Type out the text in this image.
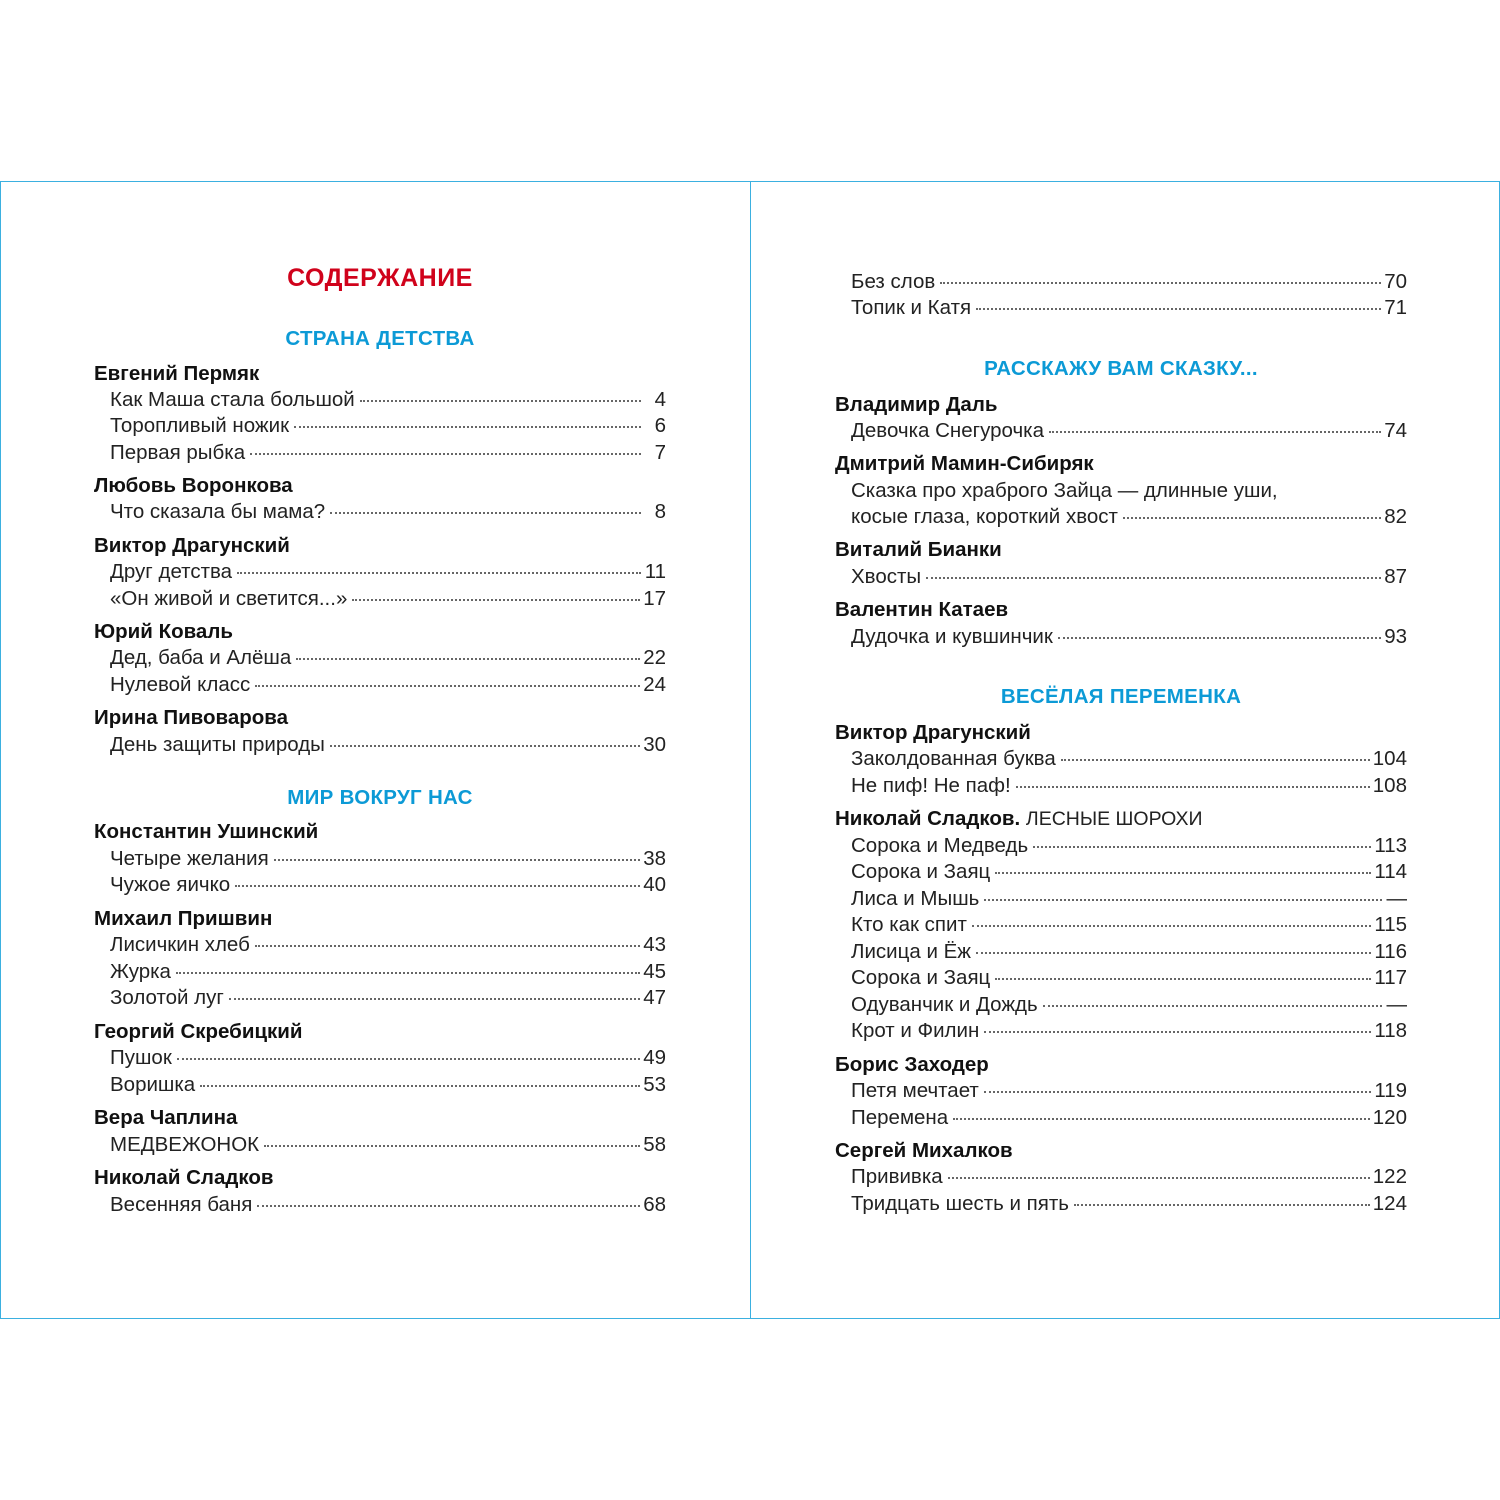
СОДЕРЖАНИЕ
СТРАНА ДЕТСТВА
Евгений Пермяк
Как Маша стала большой	4
Торопливый ножик	6
Первая рыбка	7
Любовь Воронкова
Что сказала бы мама?	8
Виктор Драгунский
Друг детства	11
«Он живой и светится...»	17
Юрий Коваль
Дед, баба и Алёша	22
Нулевой класс	24
Ирина Пивоварова
День защиты природы	30
МИР ВОКРУГ НАС
Константин Ушинский
Четыре желания	38
Чужое яичко	40
Михаил Пришвин
Лисичкин хлеб	43
Журка	45
Золотой луг	47
Георгий Скребицкий
Пушок	49
Воришка	53
Вера Чаплина
МЕДВЕЖОНОК	58
Николай Сладков
Весенняя баня	68
Без слов	70
Топик и Катя	71
РАССКАЖУ ВАМ СКАЗКУ...
Владимир Даль
Девочка Снегурочка	74
Дмитрий Мамин-Сибиряк
Сказка про храброго Зайца — длинные уши,
косые глаза, короткий хвост	82
Виталий Бианки
Хвосты	87
Валентин Катаев
Дудочка и кувшинчик	93
ВЕСЁЛАЯ ПЕРЕМЕНКА
Виктор Драгунский
Заколдованная буква	104
Не пиф! Не паф!	108
Николай Сладков. ЛЕСНЫЕ ШОРОХИ
Сорока и Медведь	113
Сорока и Заяц	114
Лиса и Мышь	—
Кто как спит	115
Лисица и Ёж	116
Сорока и Заяц	117
Одуванчик и Дождь	—
Крот и Филин	118
Борис Заходер
Петя мечтает	119
Перемена	120
Сергей Михалков
Прививка	122
Тридцать шесть и пять	124
